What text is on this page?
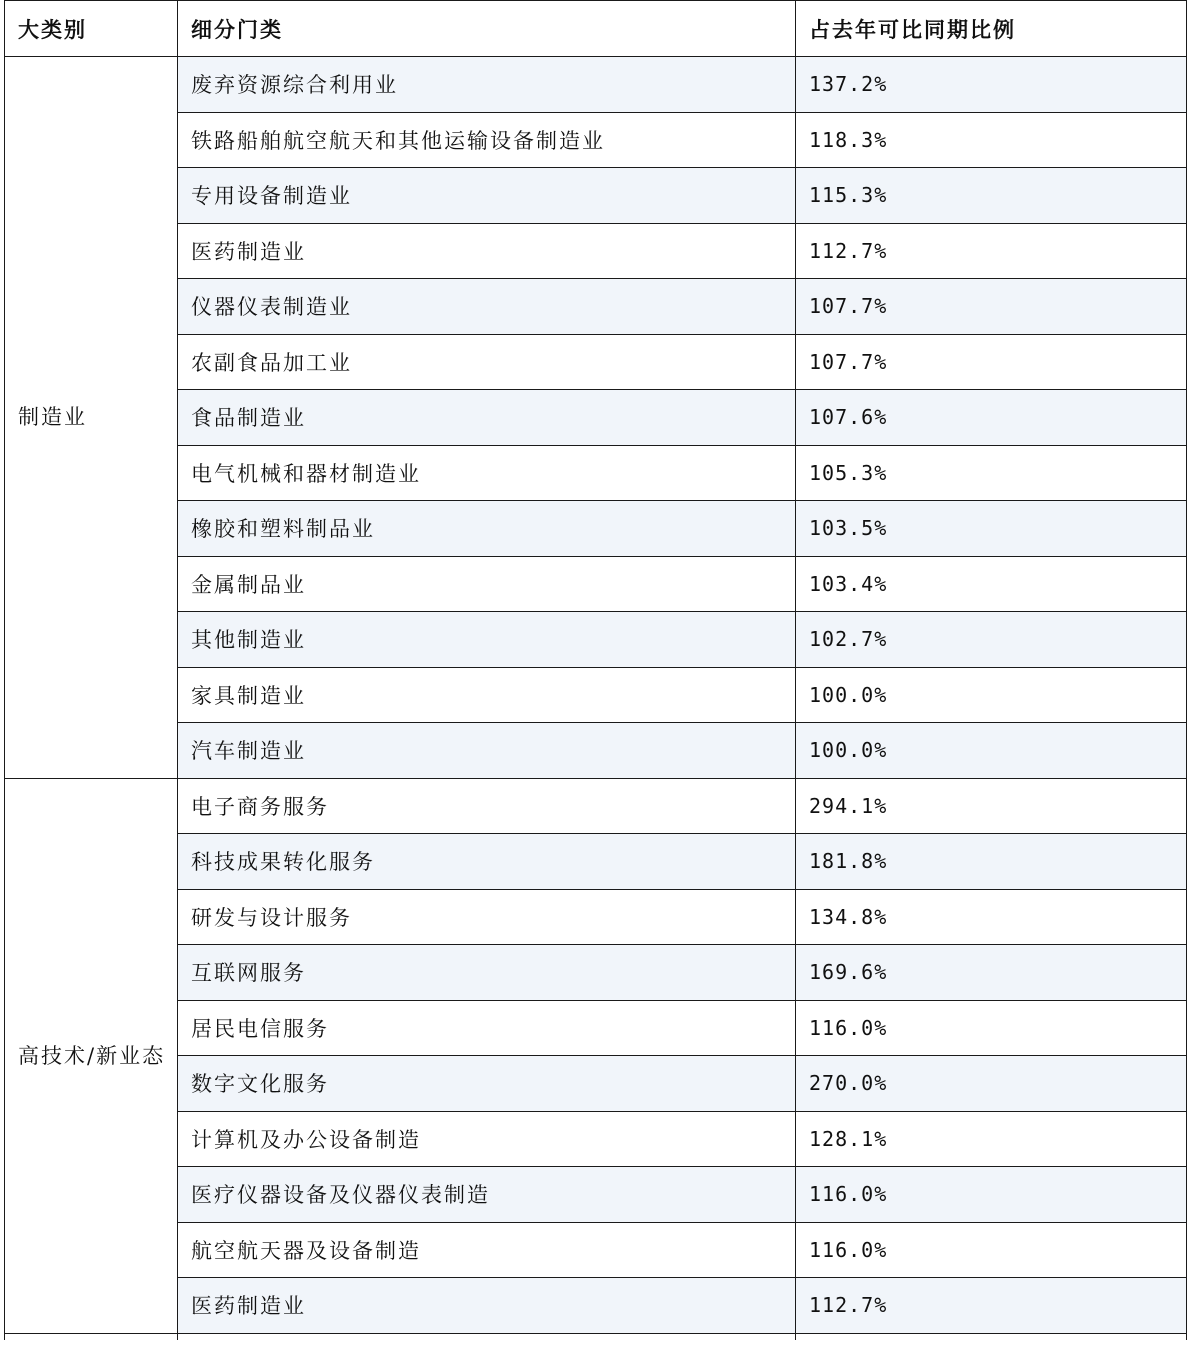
大类别	细分门类	占去年可比同期比例
制造业	废弃资源综合利用业	137.2%
	铁路船舶航空航天和其他运输设备制造业	118.3%
	专用设备制造业	115.3%
	医药制造业	112.7%
	仪器仪表制造业	107.7%
	农副食品加工业	107.7%
	食品制造业	107.6%
	电气机械和器材制造业	105.3%
	橡胶和塑料制品业	103.5%
	金属制品业	103.4%
	其他制造业	102.7%
	家具制造业	100.0%
	汽车制造业	100.0%
高技术/新业态	电子商务服务	294.1%
	科技成果转化服务	181.8%
	研发与设计服务	134.8%
	互联网服务	169.6%
	居民电信服务	116.0%
	数字文化服务	270.0%
	计算机及办公设备制造	128.1%
	医疗仪器设备及仪器仪表制造	116.0%
	航空航天器及设备制造	116.0%
	医药制造业	112.7%
